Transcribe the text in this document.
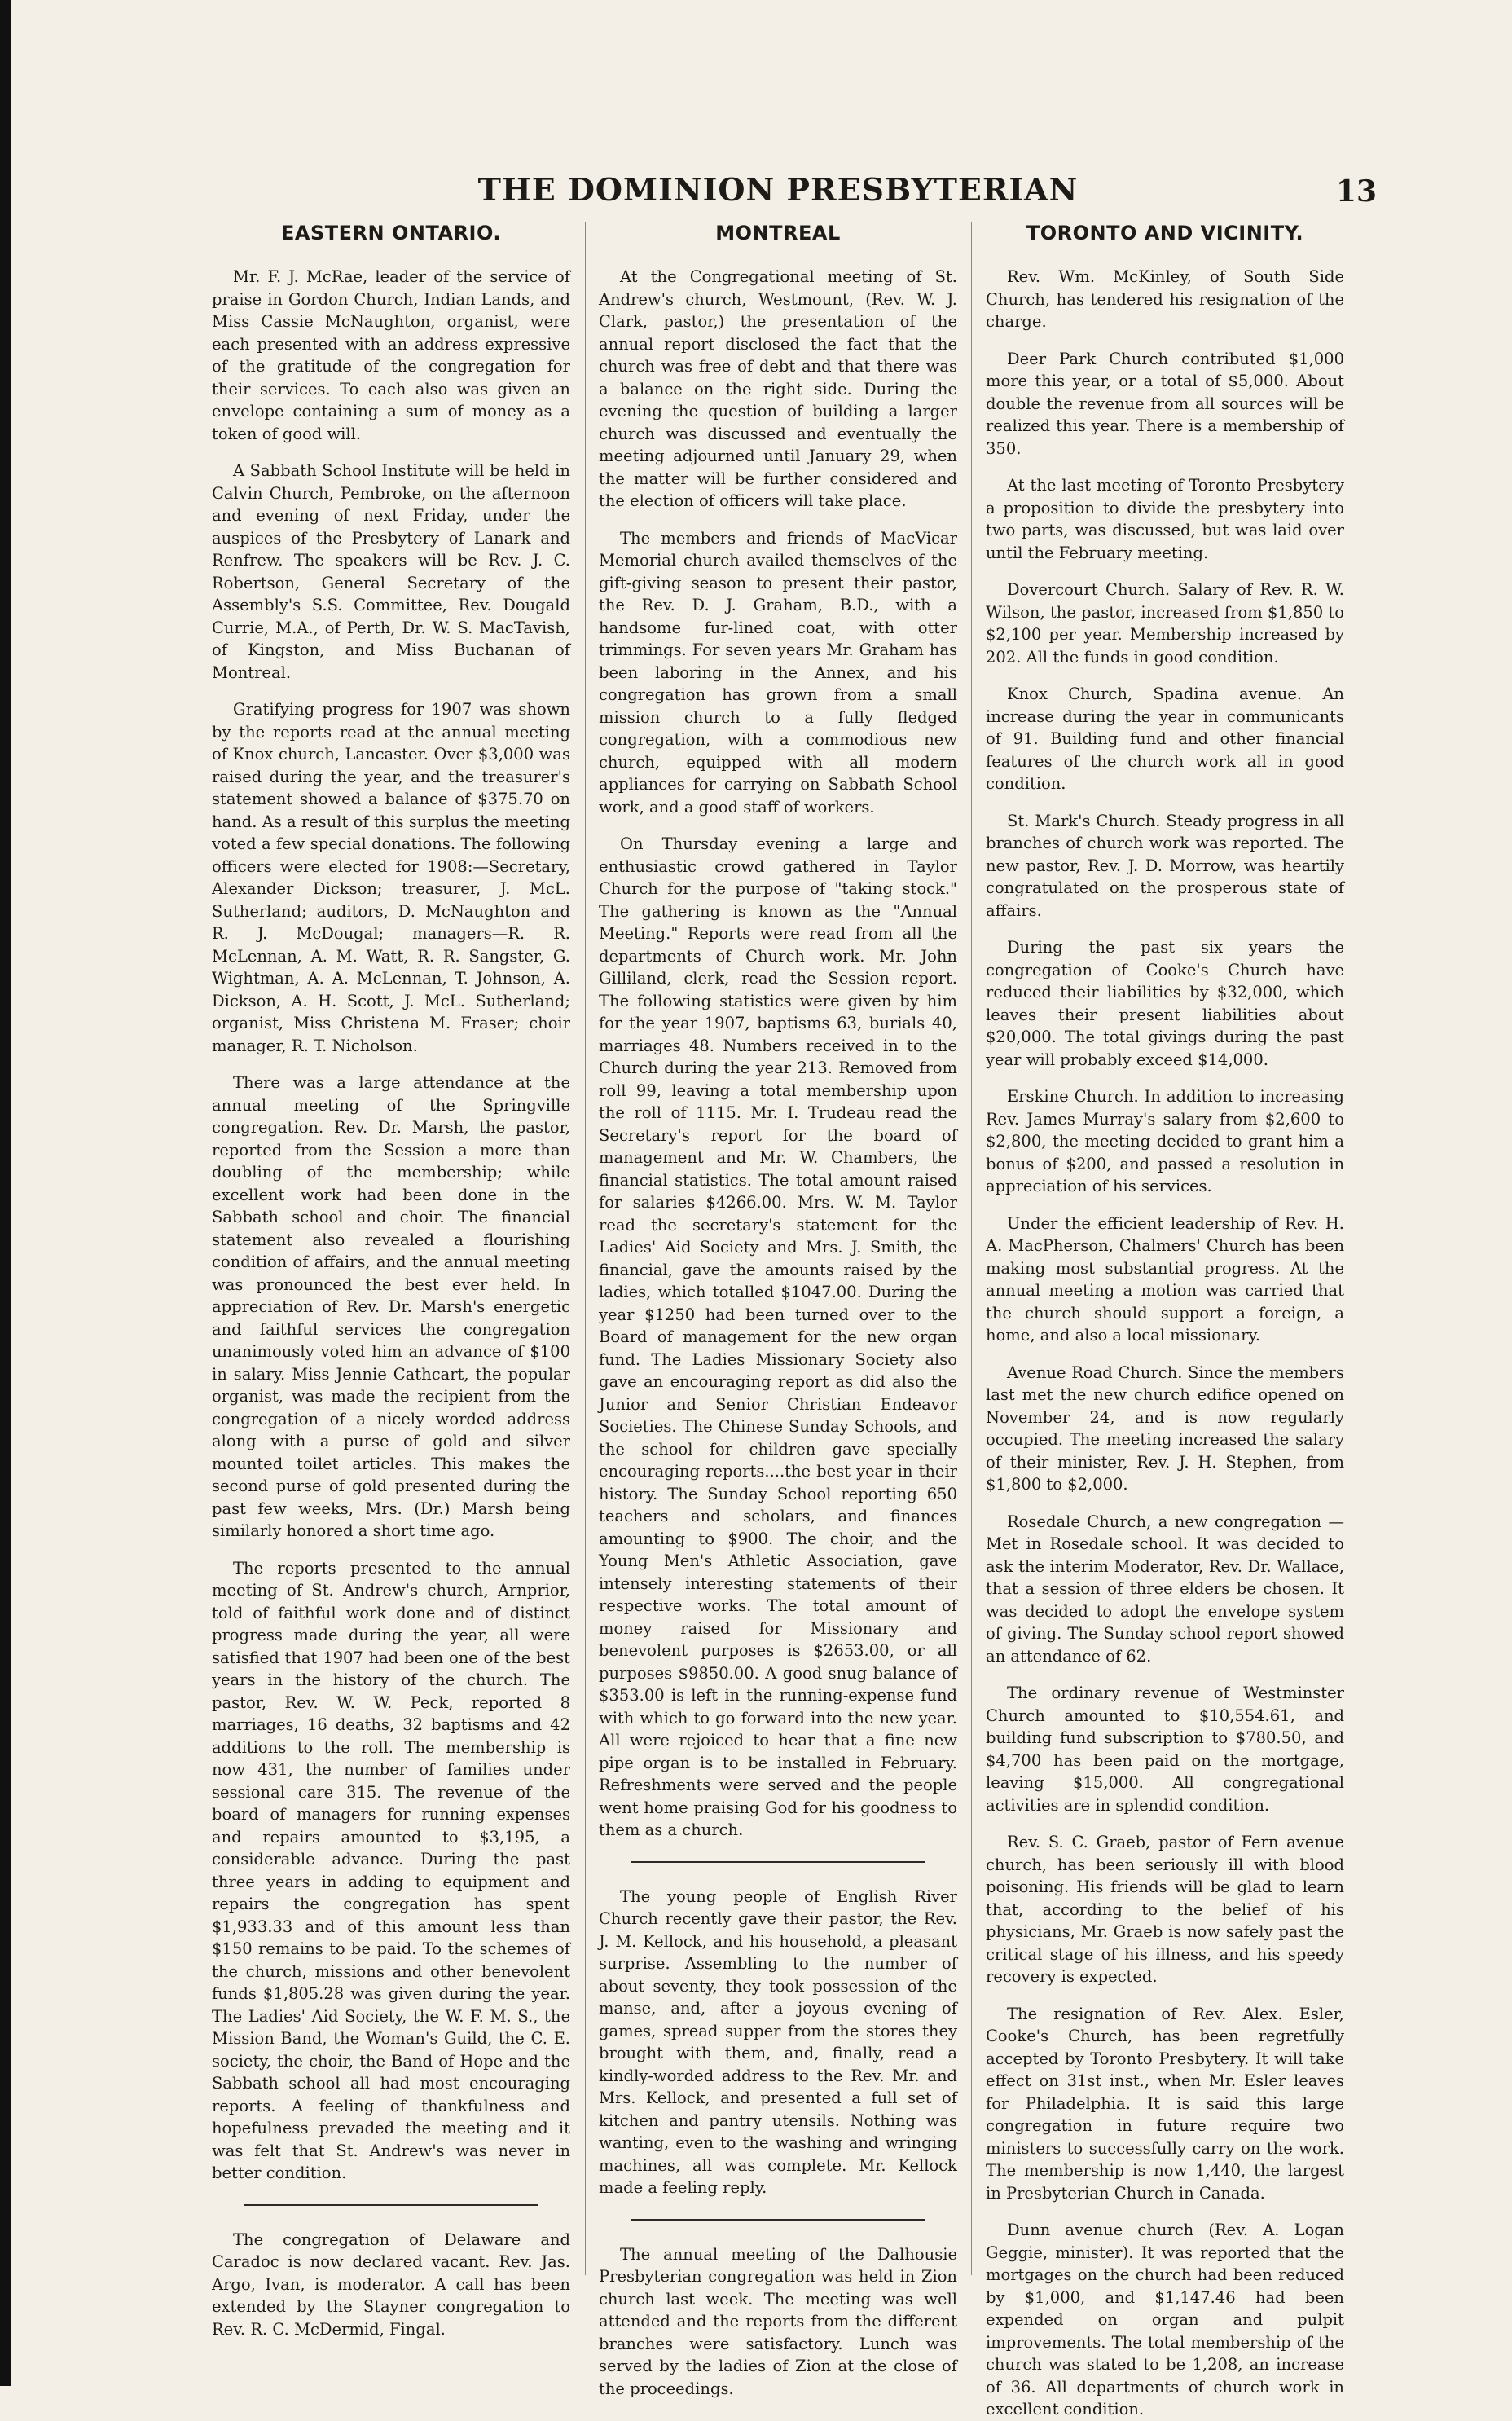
THE DOMINION PRESBYTERIAN	13
EASTERN ONTARIO.

Mr. F. J. McRae, leader of the service of praise in Gordon Church, Indian Lands, and Miss Cassie McNaughton, organist, were each presented with an address expressive of the gratitude of the congregation for their services. To each also was given an envelope containing a sum of money as a token of good will.

A Sabbath School Institute will be held in Calvin Church, Pembroke, on the afternoon and evening of next Friday, under the auspices of the Presbytery of Lanark and Renfrew. The speakers will be Rev. J. C. Robertson, General Secretary of the Assembly's S.S. Committee, Rev. Dougald Currie, M.A., of Perth, Dr. W. S. MacTavish, of Kingston, and Miss Buchanan of Montreal.

Gratifying progress for 1907 was shown by the reports read at the annual meeting of Knox church, Lancaster. Over $3,000 was raised during the year, and the treasurer's statement showed a balance of $375.70 on hand. As a result of this surplus the meeting voted a few special donations. The following officers were elected for 1908:—Secretary, Alexander Dickson; treasurer, J. McL. Sutherland; auditors, D. McNaughton and R. J. McDougal; managers—R. R. McLennan, A. M. Watt, R. R. Sangster, G. Wightman, A. A. McLennan, T. Johnson, A. Dickson, A. H. Scott, J. McL. Sutherland; organist, Miss Christena M. Fraser; choir manager, R. T. Nicholson.

There was a large attendance at the annual meeting of the Springville congregation. Rev. Dr. Marsh, the pastor, reported from the Session a more than doubling of the membership; while excellent work had been done in the Sabbath school and choir. The financial statement also revealed a flourishing condition of affairs, and the annual meeting was pronounced the best ever held. In appreciation of Rev. Dr. Marsh's energetic and faithful services the congregation unanimously voted him an advance of $100 in salary. Miss Jennie Cathcart, the popular organist, was made the recipient from the congregation of a nicely worded address along with a purse of gold and silver mounted toilet articles. This makes the second purse of gold presented during the past few weeks, Mrs. (Dr.) Marsh being similarly honored a short time ago.

The reports presented to the annual meeting of St. Andrew's church, Arnprior, told of faithful work done and of distinct progress made during the year, all were satisfied that 1907 had been one of the best years in the history of the church. The pastor, Rev. W. W. Peck, reported 8 marriages, 16 deaths, 32 baptisms and 42 additions to the roll. The membership is now 431, the number of families under sessional care 315. The revenue of the board of managers for running expenses and repairs amounted to $3,195, a considerable advance. During the past three years in adding to equipment and repairs the congregation has spent $1,933.33 and of this amount less than $150 remains to be paid. To the schemes of the church, missions and other benevolent funds $1,805.28 was given during the year. The Ladies' Aid Society, the W. F. M. S., the Mission Band, the Woman's Guild, the C. E. society, the choir, the Band of Hope and the Sabbath school all had most encouraging reports. A feeling of thankfulness and hopefulness prevaded the meeting and it was felt that St. Andrew's was never in better condition.

The congregation of Delaware and Caradoc is now declared vacant. Rev. Jas. Argo, Ivan, is moderator. A call has been extended by the Stayner congregation to Rev. R. C. McDermid, Fingal.

MONTREAL

At the Congregational meeting of St. Andrew's church, Westmount, (Rev. W. J. Clark, pastor,) the presentation of the annual report disclosed the fact that the church was free of debt and that there was a balance on the right side. During the evening the question of building a larger church was discussed and eventually the meeting adjourned until January 29, when the matter will be further considered and the election of officers will take place.

The members and friends of MacVicar Memorial church availed themselves of the gift-giving season to present their pastor, the Rev. D. J. Graham, B.D., with a handsome fur-lined coat, with otter trimmings. For seven years Mr. Graham has been laboring in the Annex, and his congregation has grown from a small mission church to a fully fledged congregation, with a commodious new church, equipped with all modern appliances for carrying on Sabbath School work, and a good staff of workers.

On Thursday evening a large and enthusiastic crowd gathered in Taylor Church for the purpose of "taking stock." The gathering is known as the "Annual Meeting." Reports were read from all the departments of Church work. Mr. John Gilliland, clerk, read the Session report. The following statistics were given by him for the year 1907, baptisms 63, burials 40, marriages 48. Numbers received in to the Church during the year 213. Removed from roll 99, leaving a total membership upon the roll of 1115. Mr. I. Trudeau read the Secretary's report for the board of management and Mr. W. Chambers, the financial statistics. The total amount raised for salaries $4266.00. Mrs. W. M. Taylor read the secretary's statement for the Ladies' Aid Society and Mrs. J. Smith, the financial, gave the amounts raised by the ladies, which totalled $1047.00. During the year $1250 had been turned over to the Board of management for the new organ fund. The Ladies Missionary Society also gave an encouraging report as did also the Junior and Senior Christian Endeavor Societies. The Chinese Sunday Schools, and the school for children gave specially encouraging reports....the best year in their history. The Sunday School reporting 650 teachers and scholars, and finances amounting to $900. The choir, and the Young Men's Athletic Association, gave intensely interesting statements of their respective works. The total amount of money raised for Missionary and benevolent purposes is $2653.00, or all purposes $9850.00. A good snug balance of $353.00 is left in the running-expense fund with which to go forward into the new year. All were rejoiced to hear that a fine new pipe organ is to be installed in February. Refreshments were served and the people went home praising God for his goodness to them as a church.

The young people of English River Church recently gave their pastor, the Rev. J. M. Kellock, and his household, a pleasant surprise. Assembling to the number of about seventy, they took possession of the manse, and, after a joyous evening of games, spread supper from the stores they brought with them, and, finally, read a kindly-worded address to the Rev. Mr. and Mrs. Kellock, and presented a full set of kitchen and pantry utensils. Nothing was wanting, even to the washing and wringing machines, all was complete. Mr. Kellock made a feeling reply.

The annual meeting of the Dalhousie Presbyterian congregation was held in Zion church last week. The meeting was well attended and the reports from the different branches were satisfactory. Lunch was served by the ladies of Zion at the close of the proceedings.

TORONTO AND VICINITY.

Rev. Wm. McKinley, of South Side Church, has tendered his resignation of the charge.

Deer Park Church contributed $1,000 more this year, or a total of $5,000. About double the revenue from all sources will be realized this year. There is a membership of 350.

At the last meeting of Toronto Presbytery a proposition to divide the presbytery into two parts, was discussed, but was laid over until the February meeting.

Dovercourt Church. Salary of Rev. R. W. Wilson, the pastor, increased from $1,850 to $2,100 per year. Membership increased by 202. All the funds in good condition.

Knox Church, Spadina avenue. An increase during the year in communicants of 91. Building fund and other financial features of the church work all in good condition.

St. Mark's Church. Steady progress in all branches of church work was reported. The new pastor, Rev. J. D. Morrow, was heartily congratulated on the prosperous state of affairs.

During the past six years the congregation of Cooke's Church have reduced their liabilities by $32,000, which leaves their present liabilities about $20,000. The total givings during the past year will probably exceed $14,000.

Erskine Church. In addition to increasing Rev. James Murray's salary from $2,600 to $2,800, the meeting decided to grant him a bonus of $200, and passed a resolution in appreciation of his services.

Under the efficient leadership of Rev. H. A. MacPherson, Chalmers' Church has been making most substantial progress. At the annual meeting a motion was carried that the church should support a foreign, a home, and also a local missionary.

Avenue Road Church. Since the members last met the new church edifice opened on November 24, and is now regularly occupied. The meeting increased the salary of their minister, Rev. J. H. Stephen, from $1,800 to $2,000.

Rosedale Church, a new congregation —Met in Rosedale school. It was decided to ask the interim Moderator, Rev. Dr. Wallace, that a session of three elders be chosen. It was decided to adopt the envelope system of giving. The Sunday school report showed an attendance of 62.

The ordinary revenue of Westminster Church amounted to $10,554.61, and building fund subscription to $780.50, and $4,700 has been paid on the mortgage, leaving $15,000. All congregational activities are in splendid condition.

Rev. S. C. Graeb, pastor of Fern avenue church, has been seriously ill with blood poisoning. His friends will be glad to learn that, according to the belief of his physicians, Mr. Graeb is now safely past the critical stage of his illness, and his speedy recovery is expected.

The resignation of Rev. Alex. Esler, Cooke's Church, has been regretfully accepted by Toronto Presbytery. It will take effect on 31st inst., when Mr. Esler leaves for Philadelphia. It is said this large congregation in future require two ministers to successfully carry on the work. The membership is now 1,440, the largest in Presbyterian Church in Canada.

Dunn avenue church (Rev. A. Logan Geggie, minister). It was reported that the mortgages on the church had been reduced by $1,000, and $1,147.46 had been expended on organ and pulpit improvements. The total membership of the church was stated to be 1,208, an increase of 36. All departments of church work in excellent condition.
